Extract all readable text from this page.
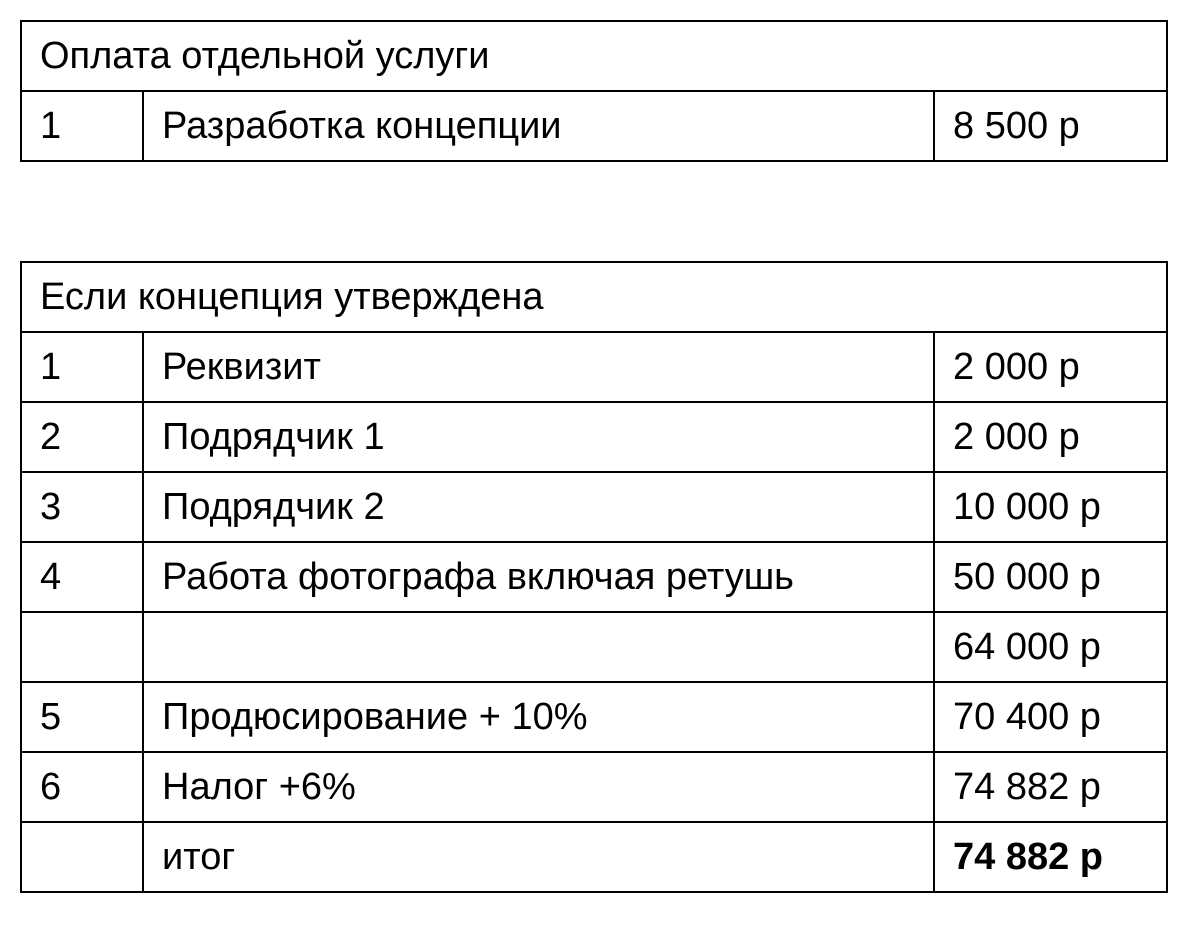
Оплата отдельной услуги
1	Разработка концепции	8 500 р
Если концепция утверждена		
1	Реквизит	2 000 р
2	Подрядчик 1	2 000 р
3	Подрядчик 2	10 000 р
4	Работа фотографа включая ретушь	50 000 р
		64 000 р
5	Продюсирование + 10%	70 400 р
6	Налог +6%	74 882 р
	итог	74 882 р
